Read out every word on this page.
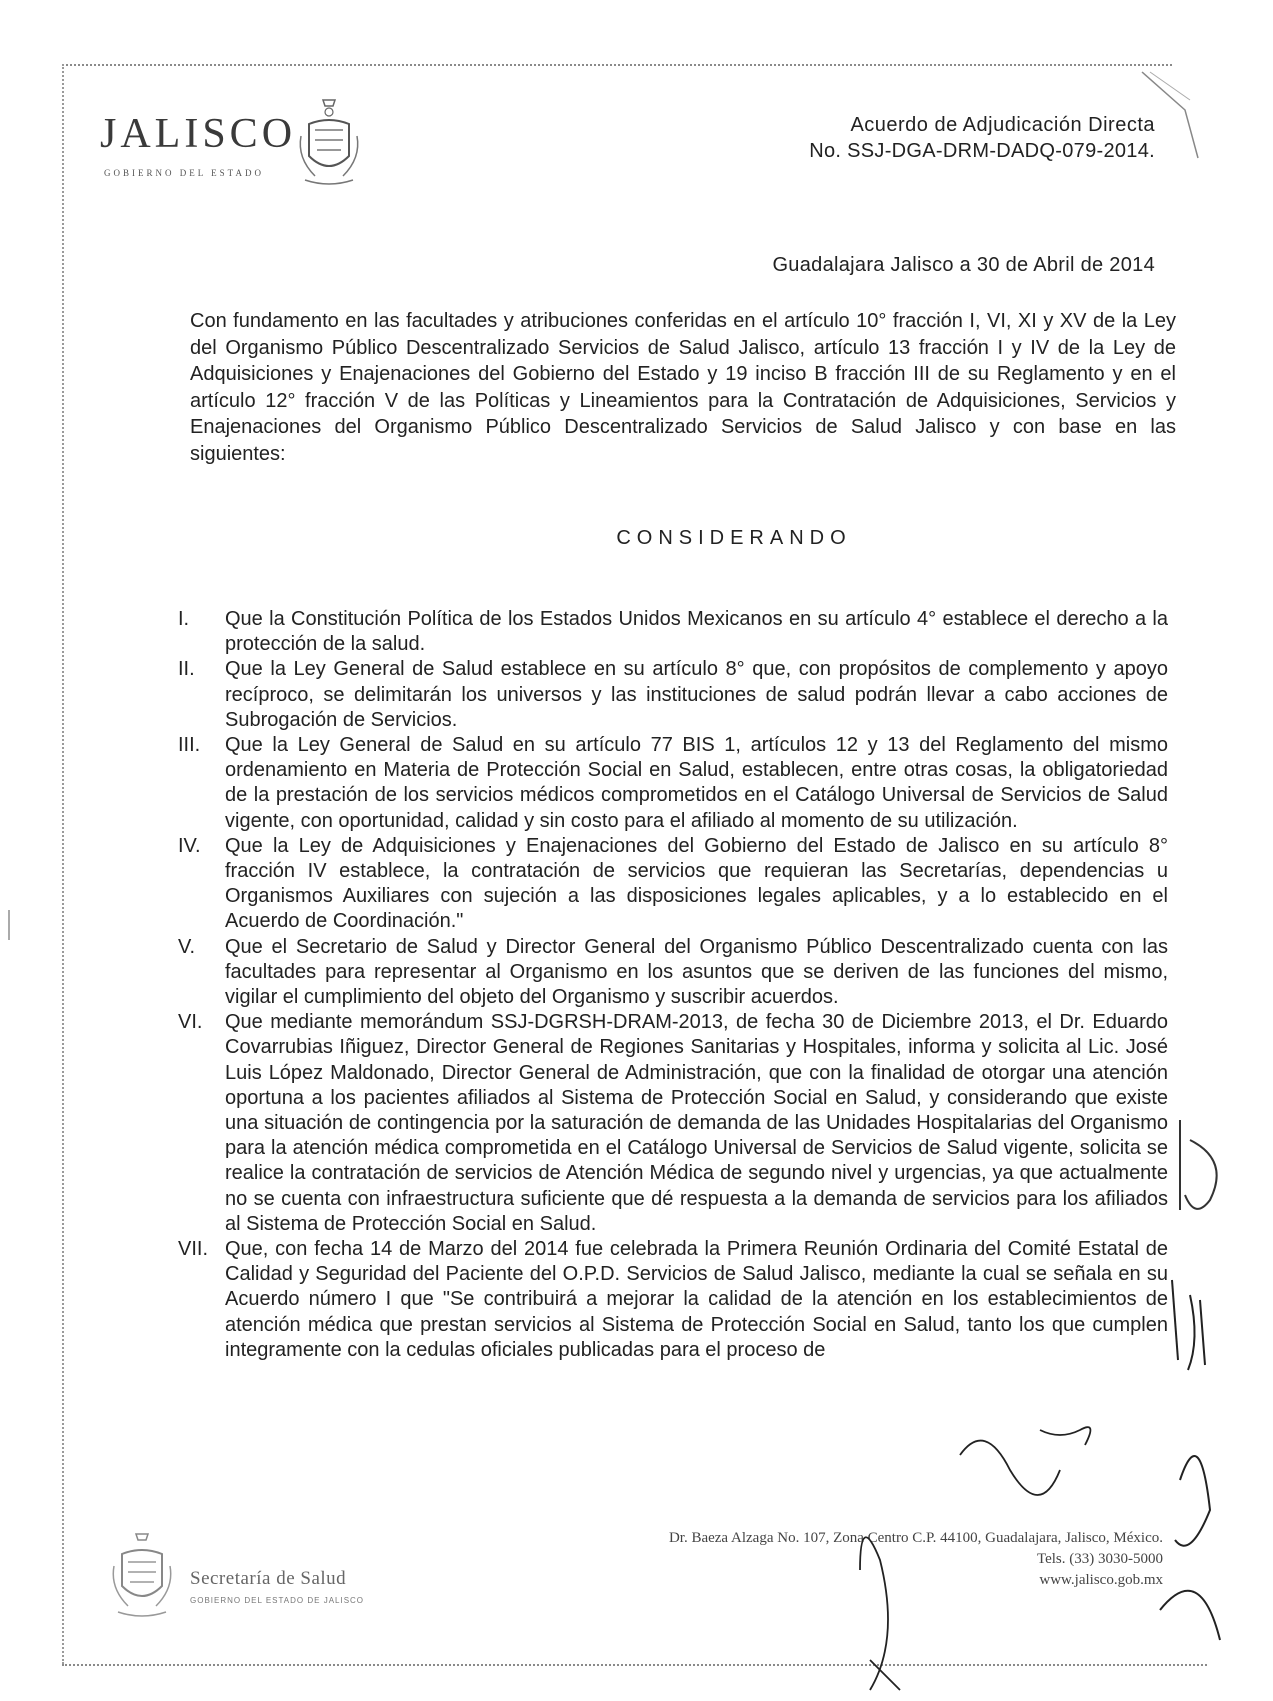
JALISCO
GOBIERNO DEL ESTADO
Acuerdo de Adjudicación Directa
No. SSJ-DGA-DRM-DADQ-079-2014.
Guadalajara Jalisco a 30 de Abril de 2014
Con fundamento en las facultades y atribuciones conferidas en el artículo 10° fracción I, VI, XI y XV de la Ley del Organismo Público Descentralizado Servicios de Salud Jalisco, artículo 13 fracción I y IV de la Ley de Adquisiciones y Enajenaciones del Gobierno del Estado y 19 inciso B fracción III de su Reglamento y en el artículo 12° fracción V de las Políticas y Lineamientos para la Contratación de Adquisiciones, Servicios y Enajenaciones del Organismo Público Descentralizado Servicios de Salud Jalisco y con base en las siguientes:
CONSIDERANDO
I. Que la Constitución Política de los Estados Unidos Mexicanos en su artículo 4° establece el derecho a la protección de la salud.
II. Que la Ley General de Salud establece en su artículo 8° que, con propósitos de complemento y apoyo recíproco, se delimitarán los universos y las instituciones de salud podrán llevar a cabo acciones de Subrogación de Servicios.
III. Que la Ley General de Salud en su artículo 77 BIS 1, artículos 12 y 13 del Reglamento del mismo ordenamiento en Materia de Protección Social en Salud, establecen, entre otras cosas, la obligatoriedad de la prestación de los servicios médicos comprometidos en el Catálogo Universal de Servicios de Salud vigente, con oportunidad, calidad y sin costo para el afiliado al momento de su utilización.
IV. Que la Ley de Adquisiciones y Enajenaciones del Gobierno del Estado de Jalisco en su artículo 8° fracción IV establece, la contratación de servicios que requieran las Secretarías, dependencias u Organismos Auxiliares con sujeción a las disposiciones legales aplicables, y a lo establecido en el Acuerdo de Coordinación."
V. Que el Secretario de Salud y Director General del Organismo Público Descentralizado cuenta con las facultades para representar al Organismo en los asuntos que se deriven de las funciones del mismo, vigilar el cumplimiento del objeto del Organismo y suscribir acuerdos.
VI. Que mediante memorándum SSJ-DGRSH-DRAM-2013, de fecha 30 de Diciembre 2013, el Dr. Eduardo Covarrubias Iñiguez, Director General de Regiones Sanitarias y Hospitales, informa y solicita al Lic. José Luis López Maldonado, Director General de Administración, que con la finalidad de otorgar una atención oportuna a los pacientes afiliados al Sistema de Protección Social en Salud, y considerando que existe una situación de contingencia por la saturación de demanda de las Unidades Hospitalarias del Organismo para la atención médica comprometida en el Catálogo Universal de Servicios de Salud vigente, solicita se realice la contratación de servicios de Atención Médica de segundo nivel y urgencias, ya que actualmente no se cuenta con infraestructura suficiente que dé respuesta a la demanda de servicios para los afiliados al Sistema de Protección Social en Salud.
VII. Que, con fecha 14 de Marzo del 2014 fue celebrada la Primera Reunión Ordinaria del Comité Estatal de Calidad y Seguridad del Paciente del O.P.D. Servicios de Salud Jalisco, mediante la cual se señala en su Acuerdo número I que "Se contribuirá a mejorar la calidad de la atención en los establecimientos de atención médica que prestan servicios al Sistema de Protección Social en Salud, tanto los que cumplen integramente con la cedulas oficiales publicadas para el proceso de
Secretaría de Salud
GOBIERNO DEL ESTADO DE JALISCO
Dr. Baeza Alzaga No. 107, Zona Centro C.P. 44100, Guadalajara, Jalisco, México.
Tels. (33) 3030-5000
www.jalisco.gob.mx
